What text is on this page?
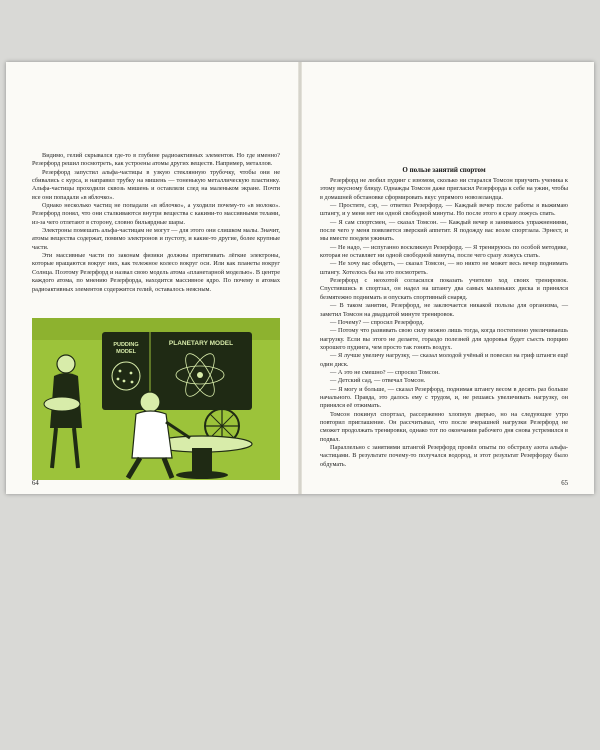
Видимо, гелий скрывался где-то в глубине радиоактивных элементов. Но где именно? Резерфорд решил посмотреть, как устроены атомы других веществ. Например, металлов.

Резерфорд запустил альфа-частицы в узкую стеклянную трубочку, чтобы они не сбивались с курса, и направил трубку на мишень — тоненькую металлическую пластинку. Альфа-частицы проходили сквозь мишень и оставляли след на маленьком экране. Почти все они попадали «в яблочко».

Однако несколько частиц не попадали «в яблочко», а уходили почему-то «в молоко». Резерфорд понял, что они сталкиваются внутри вещества с какими-то массивными телами, из-за чего отлетают в сторону, словно бильярдные шары.

Электроны помешать альфа-частицам не могут — для этого они слишком малы. Значит, атомы вещества содержат, помимо электронов и пустоту, и какие-то другие, более крупные части.

Эти массивные части по законам физики должны притягивать лёгкие электроны, которые вращаются вокруг них, как тележное колесо вокруг оси. Или как планеты вокруг Солнца. Поэтому Резерфорд и назвал свою модель атома «планетарной моделью». В центре каждого атома, по мнению Резерфорда, находится массивное ядро. По почему в атомах радиоактивных элементов содержится гелий, оставалось неясным.

PUDDING
MODEL
PLANETARY MODEL
64
О пользе занятий спортом

Резерфорд не любил пудинг с изюмом, сколько ни старался Томсон приучить ученика к этому вкусному блюду. Однажды Томсон даже пригласил Резерфорда к себе на ужин, чтобы в домашней обстановке сформировать вкус упрямого новозеландца.

— Простите, сэр, — ответил Резерфорд. — Каждый вечер после работы я выжимаю штангу, и у меня нет ни одной свободной минуты. Но после этого я сразу ложусь спать.

— Я сам спортсмен, — сказал Томсон. — Каждый вечер я занимаюсь упражнениями, после чего у меня появляется зверский аппетит. Я подожду вас возле спортзала. Эрнест, и мы вместе поедем ужинать.

— Не надо, — испуганно воскликнул Резерфорд. — Я тренируюсь по особой методике, которая не оставляет ни одной свободной минуты, после чего сразу ложусь спать.

— Не хочу вас обидеть, — сказал Томсон, — но никто не может весь вечер поднимать штангу. Хотелось бы на это посмотреть.

Резерфорд с неохотой согласился показать учителю ход своих тренировок. Спустившись в спортзал, он надел на штангу два самых маленьких диска и принялся безмятежно поднимать и опускать спортивный снаряд.

— В таком занятии, Резерфорд, не заключается никакой пользы для организма, — заметил Томсон на двадцатой минуте тренировок.

— Почему? — спросил Резерфорд.

— Потому что развивать свою силу можно лишь тогда, когда постепенно увеличиваешь нагрузку. Если вы этого не делаете, гораздо полезней для здоровья будет съесть порцию хорошего пудинга, чем просто так гонять воздух.

— Я лучше увеличу нагрузку, — сказал молодой учёный и повесил на гриф штанги ещё один диск.

— А это не смешно? — спросил Томсон.

— Детский сад, — отвечал Томсон.

— Я могу и больше, — сказал Резерфорд, поднимая штангу весом в десять раз больше начального. Правда, это далось ему с трудом, и, не решаясь увеличивать нагрузку, он принялся её отжимать.

Томсон покинул спортзал, рассерженно хлопнув дверью, но на следующее утро повторил приглашение. Он рассчитывал, что после вчерашней нагрузки Резерфорд не сможет продолжать тренировки, однако тот по окончании рабочего дня снова устремился в подвал.

Параллельно с занятиями штангой Резерфорд провёл опыты по обстрелу азота альфа-частицами. В результате почему-то получался водород, и этот результат Резерфорду было обдумать.

65
